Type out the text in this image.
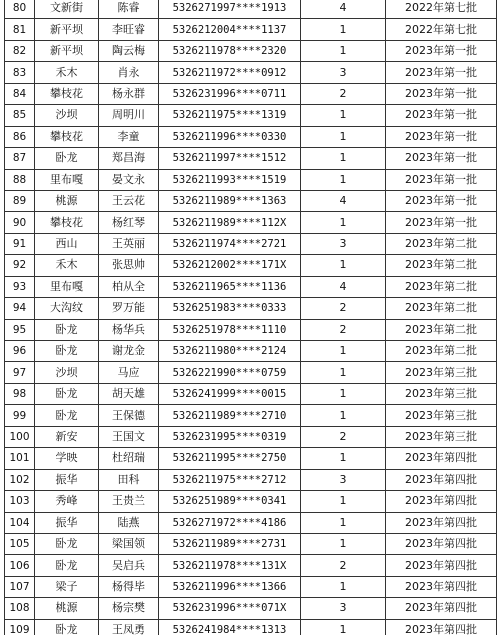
80	文新街	陈睿	5326271997****1913	4	2022年第七批
81	新平坝	李旺睿	5326212004****1137	1	2022年第七批
82	新平坝	陶云梅	5326211978****2320	1	2023年第一批
83	禾木	肖永	5326211972****0912	3	2023年第一批
84	攀枝花	杨永群	5326231996****0711	2	2023年第一批
85	沙坝	周明川	5326211975****1319	1	2023年第一批
86	攀枝花	李童	5326211996****0330	1	2023年第一批
87	卧龙	郑昌海	5326211997****1512	1	2023年第一批
88	里布嘎	晏文永	5326211993****1519	1	2023年第一批
89	桃源	王云花	5326211989****1363	4	2023年第一批
90	攀枝花	杨红琴	5326211989****112X	1	2023年第一批
91	西山	王英丽	5326211974****2721	3	2023年第二批
92	禾木	张思帅	5326212002****171X	1	2023年第二批
93	里布嘎	柏从全	5326211965****1136	4	2023年第二批
94	大沟纹	罗万能	5326251983****0333	2	2023年第二批
95	卧龙	杨华兵	5326251978****1110	2	2023年第二批
96	卧龙	谢龙金	5326211980****2124	1	2023年第二批
97	沙坝	马应	5326221990****0759	1	2023年第三批
98	卧龙	胡天雄	5326241999****0015	1	2023年第三批
99	卧龙	王保德	5326211989****2710	1	2023年第三批
100	新安	王国文	5326231995****0319	2	2023年第三批
101	学映	杜绍瑞	5326211995****2750	1	2023年第四批
102	振华	田科	5326211975****2712	3	2023年第四批
103	秀峰	王贵兰	5326251989****0341	1	2023年第四批
104	振华	陆燕	5326271972****4186	1	2023年第四批
105	卧龙	梁国领	5326211989****2731	1	2023年第四批
106	卧龙	吴启兵	5326211978****131X	2	2023年第四批
107	梁子	杨得毕	5326211996****1366	1	2023年第四批
108	桃源	杨宗樊	5326231996****071X	3	2023年第四批
109	卧龙	王凤勇	5326241984****1313	1	2023年第四批
